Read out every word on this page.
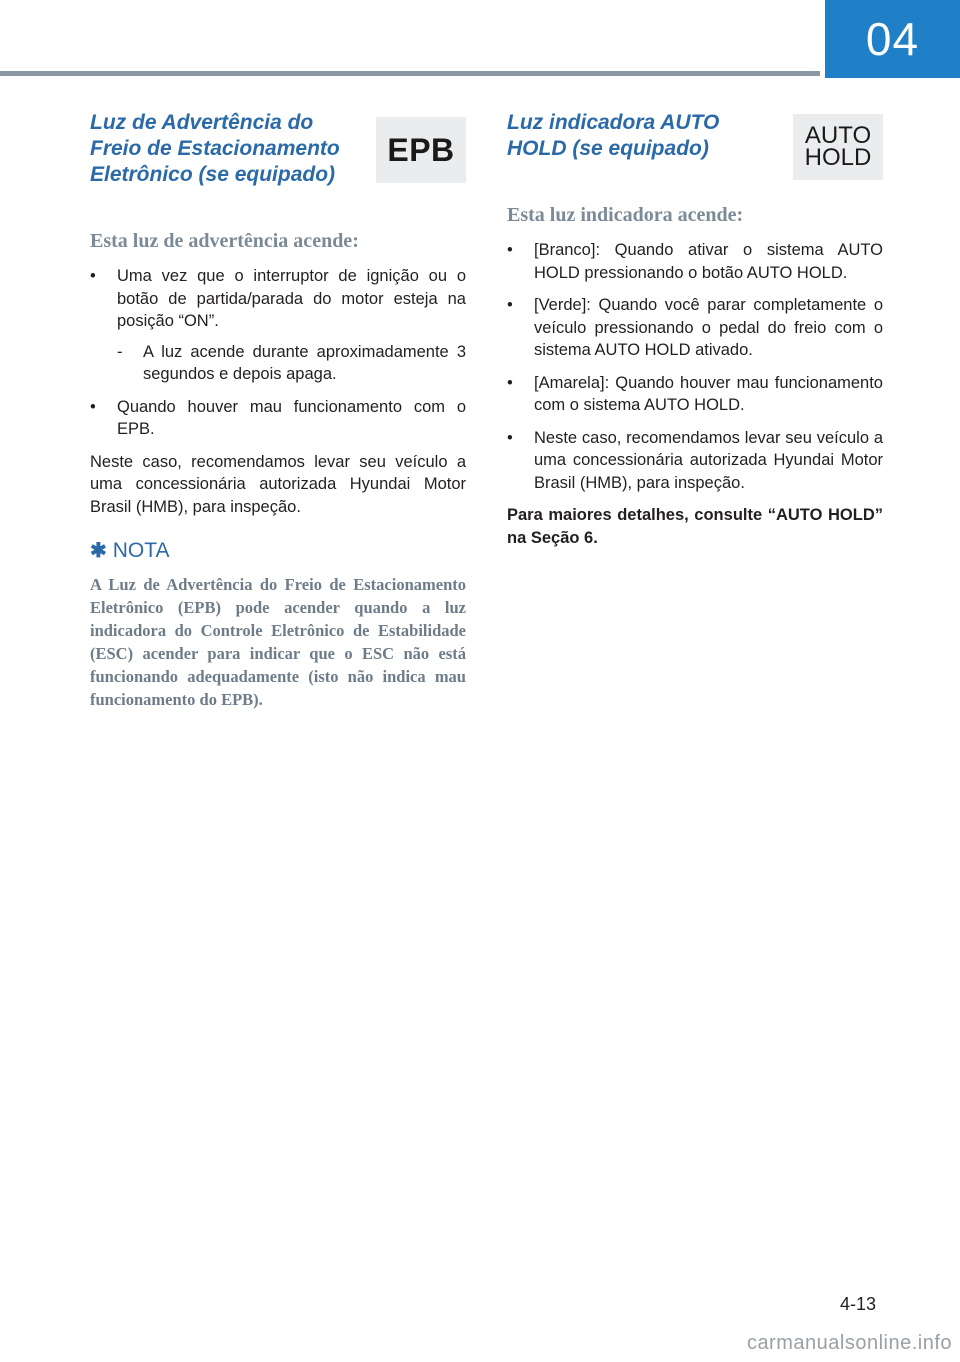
04
Luz de Advertência do Freio de Estacionamento Eletrônico (se equipado)
EPB

Esta luz de advertência acende:

• Uma vez que o interruptor de ignição ou o botão de partida/parada do motor esteja na posição “ON”.
- A luz acende durante aproximadamente 3 segundos e depois apaga.
• Quando houver mau funcionamento com o EPB.

Neste caso, recomendamos levar seu veículo a uma concessionária autorizada Hyundai Motor Brasil (HMB), para inspeção.

✱ NOTA

A Luz de Advertência do Freio de Estacionamento Eletrônico (EPB) pode acender quando a luz indicadora do Controle Eletrônico de Estabilidade (ESC) acender para indicar que o ESC não está funcionando adequadamente (isto não indica mau funcionamento do EPB).

Luz indicadora AUTO HOLD (se equipado)	AUTO
HOLD

Esta luz indicadora acende:

• [Branco]: Quando ativar o sistema AUTO HOLD pressionando o botão AUTO HOLD.
• [Verde]: Quando você parar completamente o veículo pressionando o pedal do freio com o sistema AUTO HOLD ativado.
• [Amarela]: Quando houver mau funcionamento com o sistema AUTO HOLD.
• Neste caso, recomendamos levar seu veículo a uma concessionária autorizada Hyundai Motor Brasil (HMB), para inspeção.

Para maiores detalhes, consulte “AUTO HOLD” na Seção 6.

4-13
carmanualsonline.info
